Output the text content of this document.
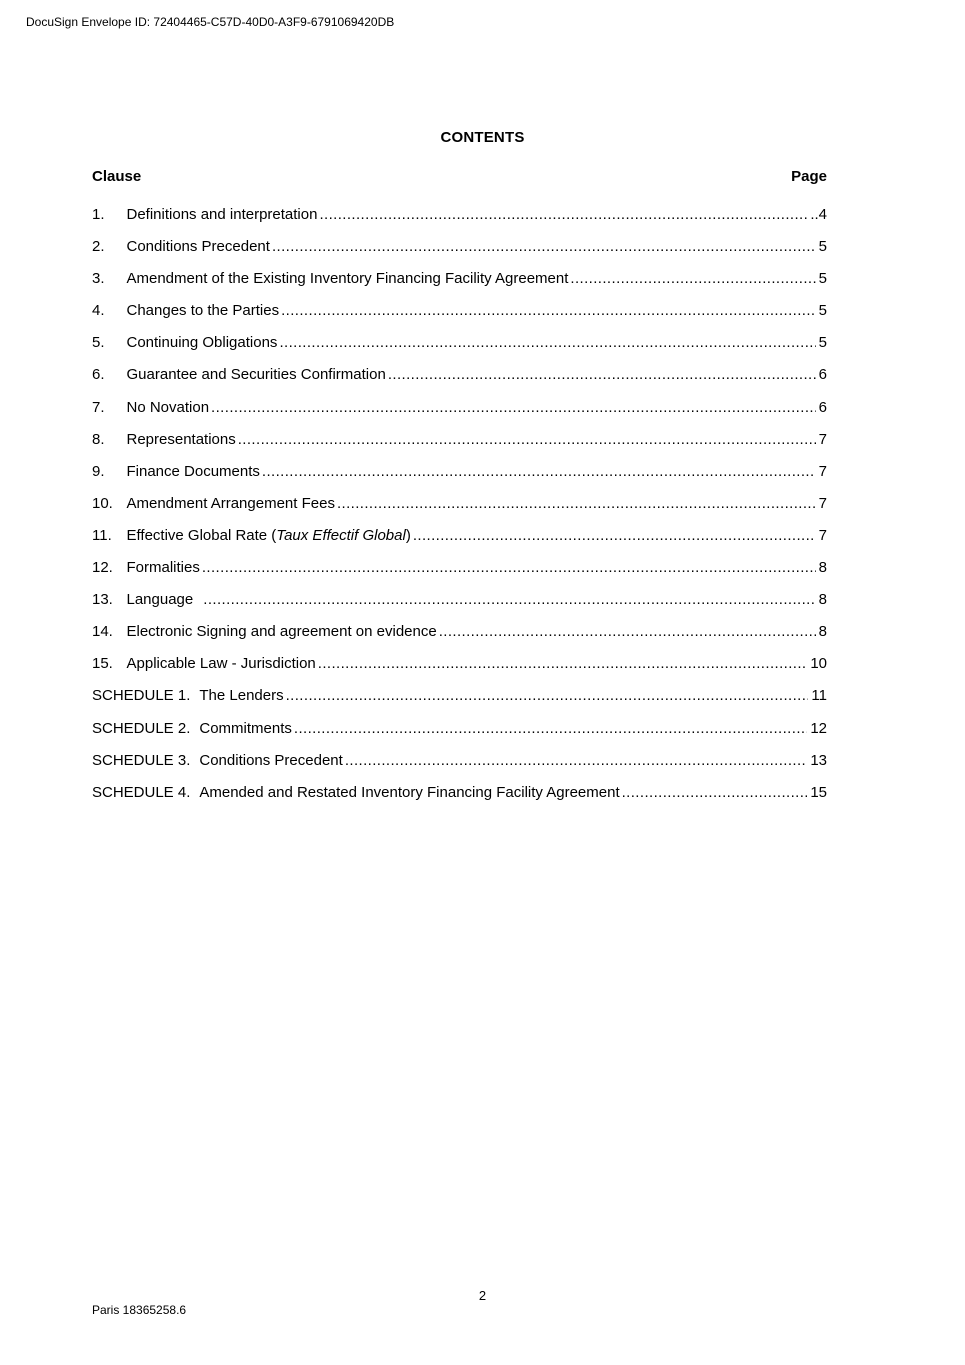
DocuSign Envelope ID: 72404465-C57D-40D0-A3F9-6791069420DB
CONTENTS
Clause	Page
1.	Definitions and interpretation .....	..4
2.	Conditions Precedent .....	5
3.	Amendment of the Existing Inventory Financing Facility Agreement .....	5
4.	Changes to the Parties .....	5
5.	Continuing Obligations .....	5
6.	Guarantee and Securities Confirmation .....	6
7.	No Novation .....	6
8.	Representations .....	7
9.	Finance Documents .....	7
10. Amendment Arrangement Fees .....	7
11. Effective Global Rate (Taux Effectif Global) .....	7
12. Formalities .....	8
13. Language .....	8
14. Electronic Signing and agreement on evidence .....	8
15. Applicable Law - Jurisdiction .....	10
SCHEDULE 1. The Lenders .....	11
SCHEDULE 2. Commitments .....	12
SCHEDULE 3. Conditions Precedent .....	13
SCHEDULE 4. Amended and Restated Inventory Financing Facility Agreement .....	15
2
Paris 18365258.6
